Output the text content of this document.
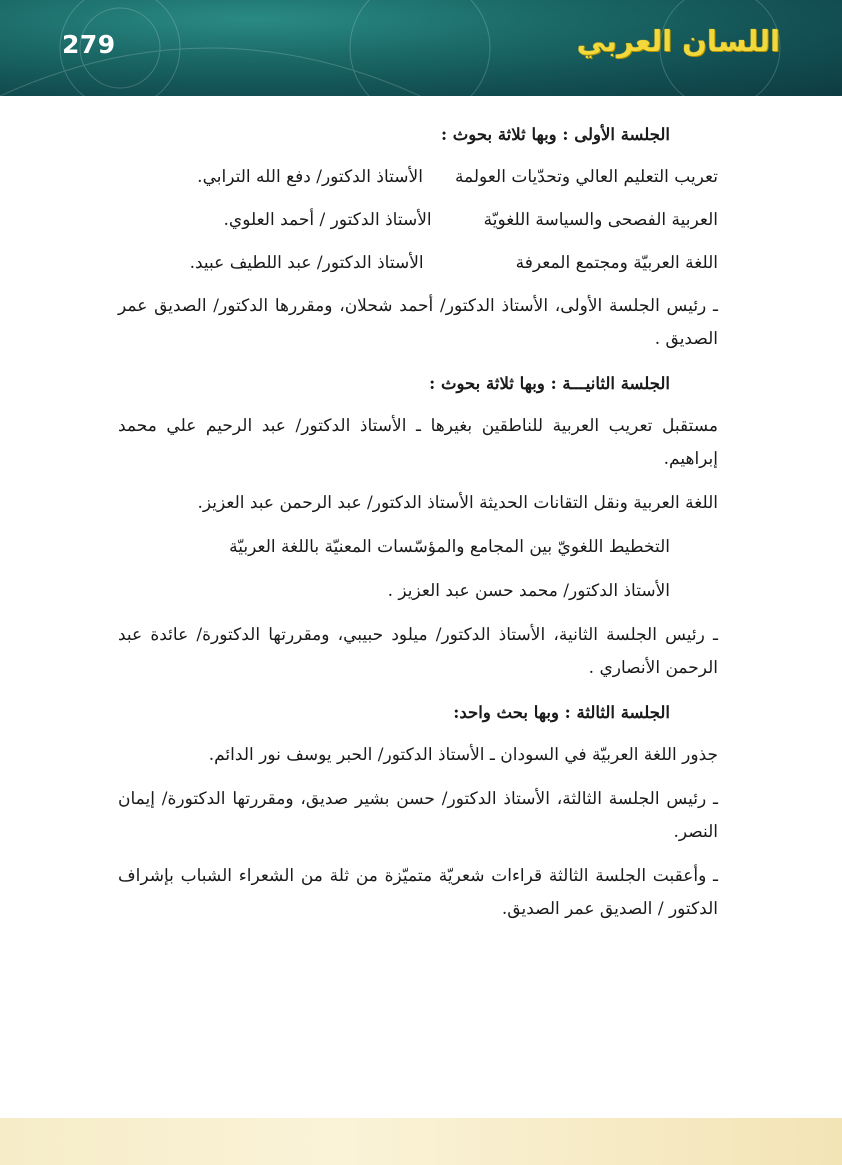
279	اللسان العربي
الجلسة الأولى : وبها ثلاثة بحوث :
تعريب التعليم العالي وتحدّيات العولمة
الأستاذ الدكتور/ دفع الله الترابي.
العربية الفصحى والسياسة اللغويّة
الأستاذ الدكتور / أحمد العلوي.
اللغة العربيّة ومجتمع المعرفة
الأستاذ الدكتور/ عبد اللطيف عبيد.
ـ رئيس الجلسة الأولى، الأستاذ الدكتور/ أحمد شحلان، ومقررها الدكتور/ الصديق عمر الصديق .
الجلسة الثانيـــة : وبها ثلاثة بحوث :
مستقبل تعريب العربية للناطقين بغيرها ـ الأستاذ الدكتور/ عبد الرحيم علي محمد إبراهيم.
اللغة العربية ونقل التقانات الحديثة الأستاذ الدكتور/ عبد الرحمن عبد العزيز.
التخطيط اللغويّ بين المجامع والمؤسّسات المعنيّة باللغة العربيّة
الأستاذ الدكتور/ محمد حسن عبد العزيز .
ـ رئيس الجلسة الثانية، الأستاذ الدكتور/ ميلود حبيبي، ومقررتها الدكتورة/ عائدة عبد الرحمن الأنصاري .
الجلسة الثالثة : وبها بحث واحد:
جذور اللغة العربيّة في السودان ـ الأستاذ الدكتور/ الحبر يوسف نور الدائم.
ـ رئيس الجلسة الثالثة، الأستاذ الدكتور/ حسن بشير صديق، ومقررتها الدكتورة/ إيمان النصر.
ـ وأعقبت الجلسة الثالثة قراءات شعريّة متميّزة من ثلة من الشعراء الشباب بإشراف الدكتور / الصديق عمر الصديق.
